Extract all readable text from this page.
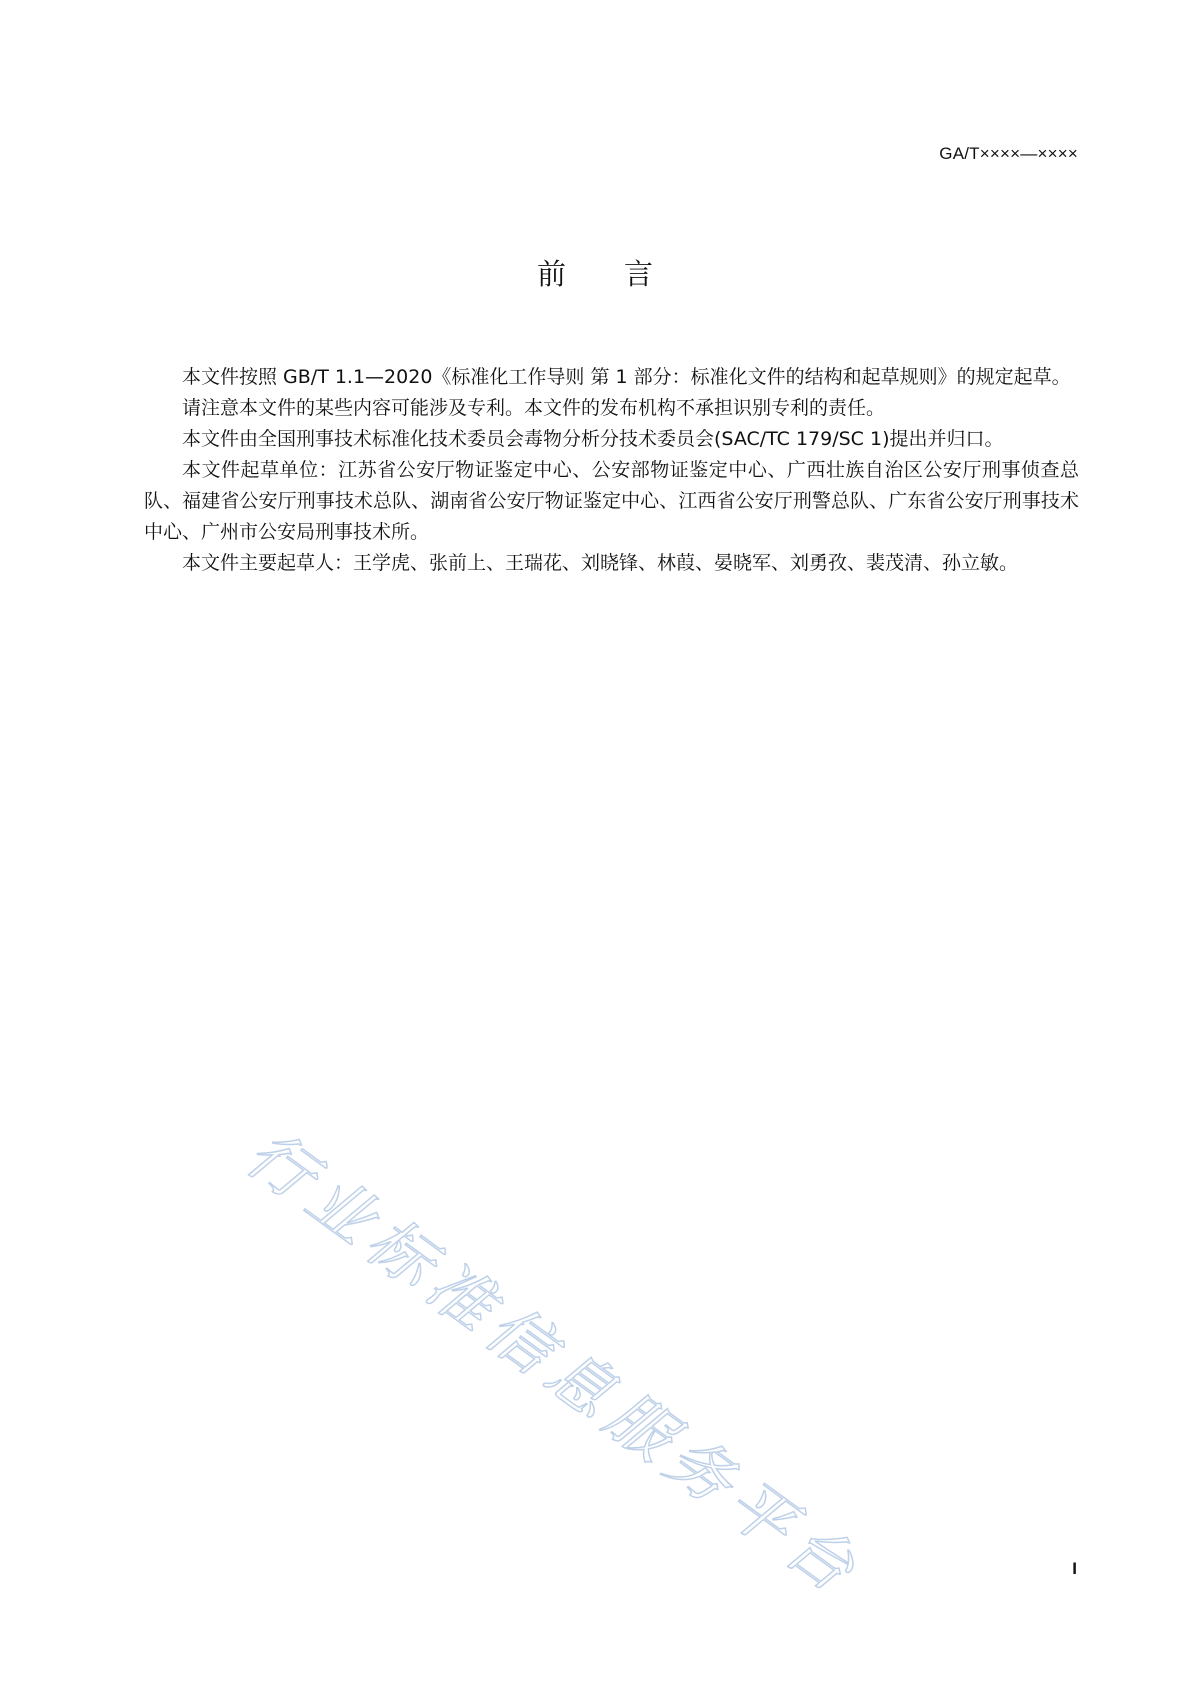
GA/T××××—××××
前言

本文件按照 GB/T 1.1—2020《标准化工作导则 第 1 部分：标准化文件的结构和起草规则》的规定起草。

请注意本文件的某些内容可能涉及专利。本文件的发布机构不承担识别专利的责任。

本文件由全国刑事技术标准化技术委员会毒物分析分技术委员会(SAC/TC 179/SC 1)提出并归口。

本文件起草单位：江苏省公安厅物证鉴定中心、公安部物证鉴定中心、广西壮族自治区公安厅刑事侦查总队、福建省公安厅刑事技术总队、湖南省公安厅物证鉴定中心、江西省公安厅刑警总队、广东省公安厅刑事技术中心、广州市公安局刑事技术所。

本文件主要起草人：王学虎、张前上、王瑞花、刘晓锋、林葭、晏晓军、刘勇孜、裴茂清、孙立敏。

行业标准信息服务平台	I
